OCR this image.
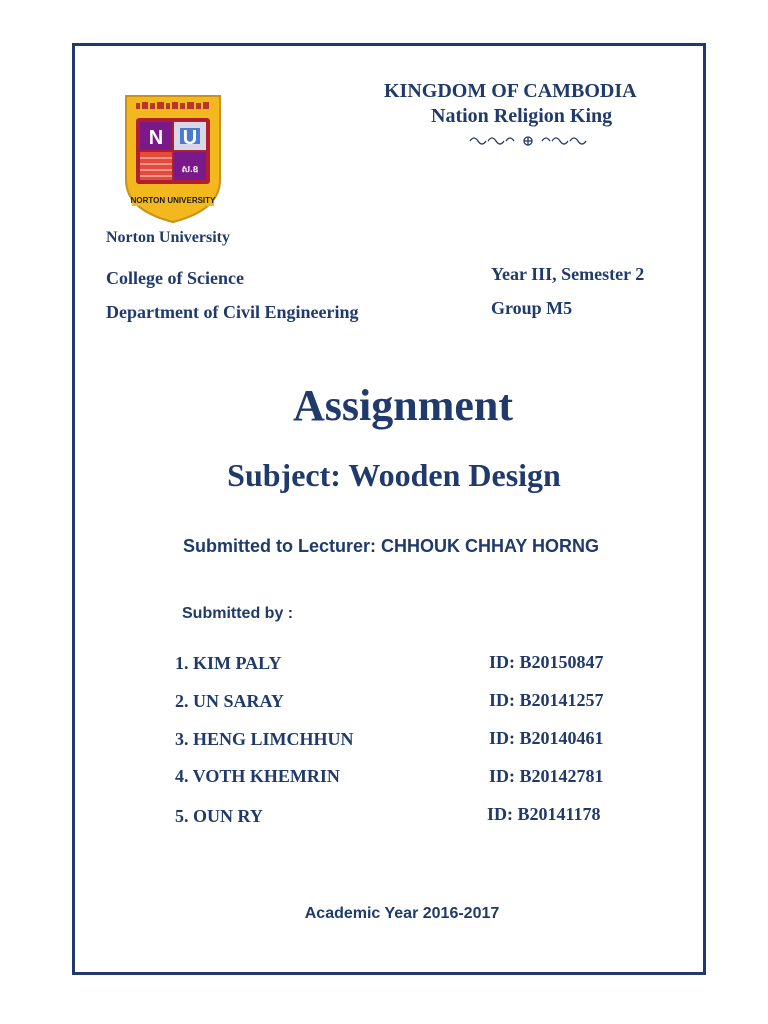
ស.ឧ
N U
NORTON UNIVERSITY
KINGDOM OF CAMBODIA
Nation Religion King
Norton University
College of Science
Department of Civil Engineering
Year III, Semester 2
Group M5
Assignment
Subject: Wooden Design
Submitted to Lecturer: CHHOUK CHHAY HORNG
Submitted by :
1. KIM PALY	ID: B20150847
2. UN SARAY	ID: B20141257
3. HENG LIMCHHUN	ID: B20140461
4. VOTH KHEMRIN	ID: B20142781
5. OUN RY	ID: B20141178
Academic Year 2016-2017
